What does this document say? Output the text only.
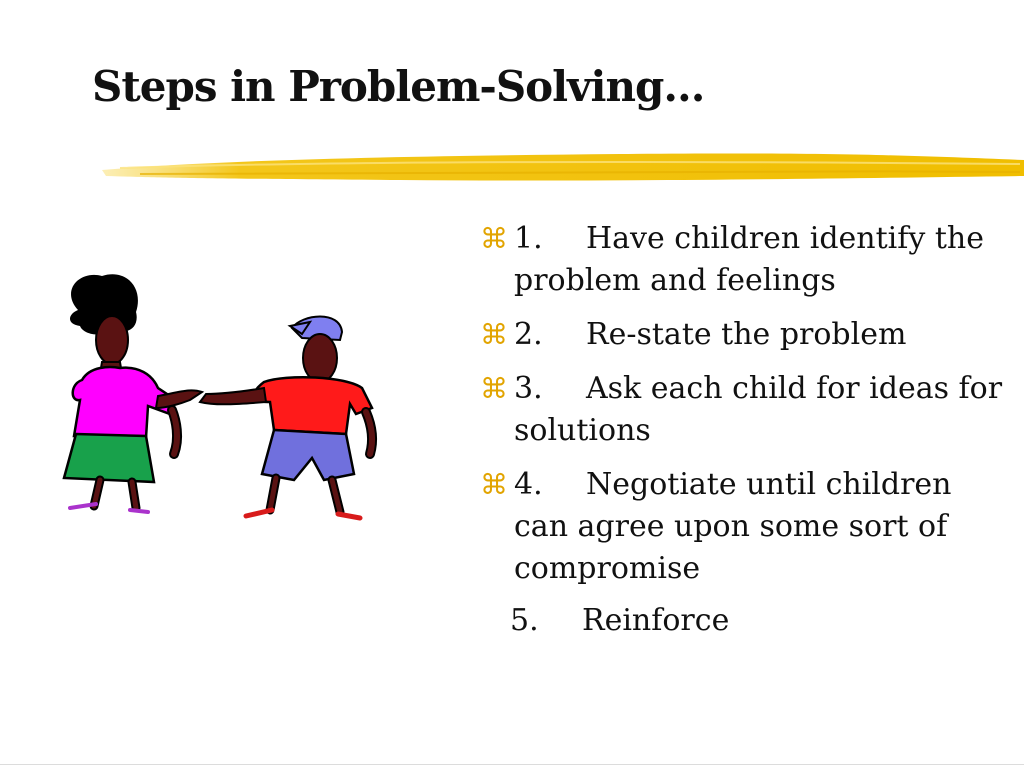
Steps in Problem-Solving…
⌘ 1. Have children identify the problem and feelings
⌘ 2. Re-state the problem
⌘ 3. Ask each child for ideas for solutions
⌘ 4. Negotiate until children can agree upon some sort of compromise
5. Reinforce
